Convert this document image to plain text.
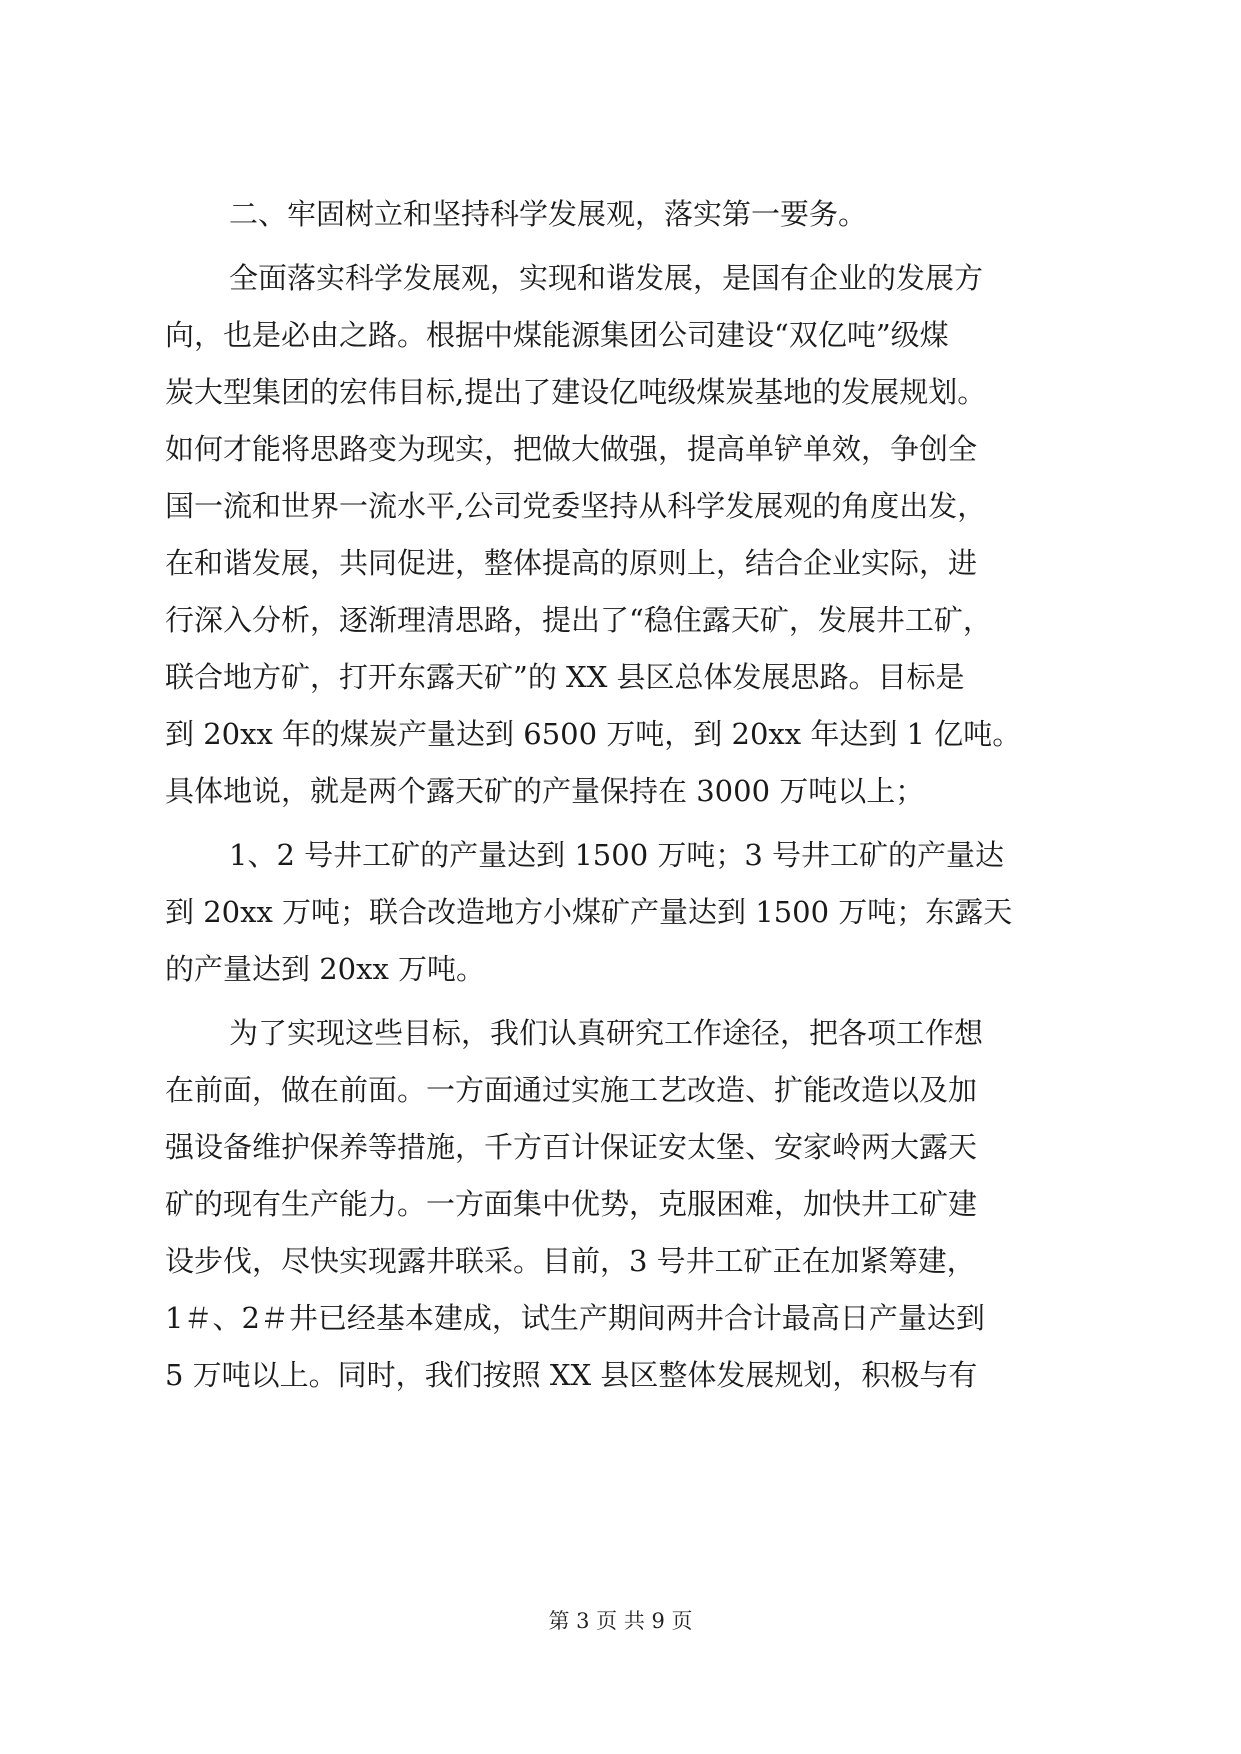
二、牢固树立和坚持科学发展观，落实第一要务。
全面落实科学发展观，实现和谐发展，是国有企业的发展方
向，也是必由之路。根据中煤能源集团公司建设“双亿吨”级煤
炭大型集团的宏伟目标,提出了建设亿吨级煤炭基地的发展规划。
如何才能将思路变为现实，把做大做强，提高单铲单效，争创全
国一流和世界一流水平,公司党委坚持从科学发展观的角度出发，
在和谐发展，共同促进，整体提高的原则上，结合企业实际，进
行深入分析，逐渐理清思路，提出了“稳住露天矿，发展井工矿，
联合地方矿，打开东露天矿”的 XX 县区总体发展思路。目标是
到 20xx 年的煤炭产量达到 6500 万吨，到 20xx 年达到 1 亿吨。
具体地说，就是两个露天矿的产量保持在 3000 万吨以上；
1、2 号井工矿的产量达到 1500 万吨；3 号井工矿的产量达
到 20xx 万吨；联合改造地方小煤矿产量达到 1500 万吨；东露天
的产量达到 20xx 万吨。
为了实现这些目标，我们认真研究工作途径，把各项工作想
在前面，做在前面。一方面通过实施工艺改造、扩能改造以及加
强设备维护保养等措施，千方百计保证安太堡、安家岭两大露天
矿的现有生产能力。一方面集中优势，克服困难，加快井工矿建
设步伐，尽快实现露井联采。目前，3 号井工矿正在加紧筹建，
1＃、2＃井已经基本建成，试生产期间两井合计最高日产量达到
5 万吨以上。同时，我们按照 XX 县区整体发展规划，积极与有
第 3 页 共 9 页
